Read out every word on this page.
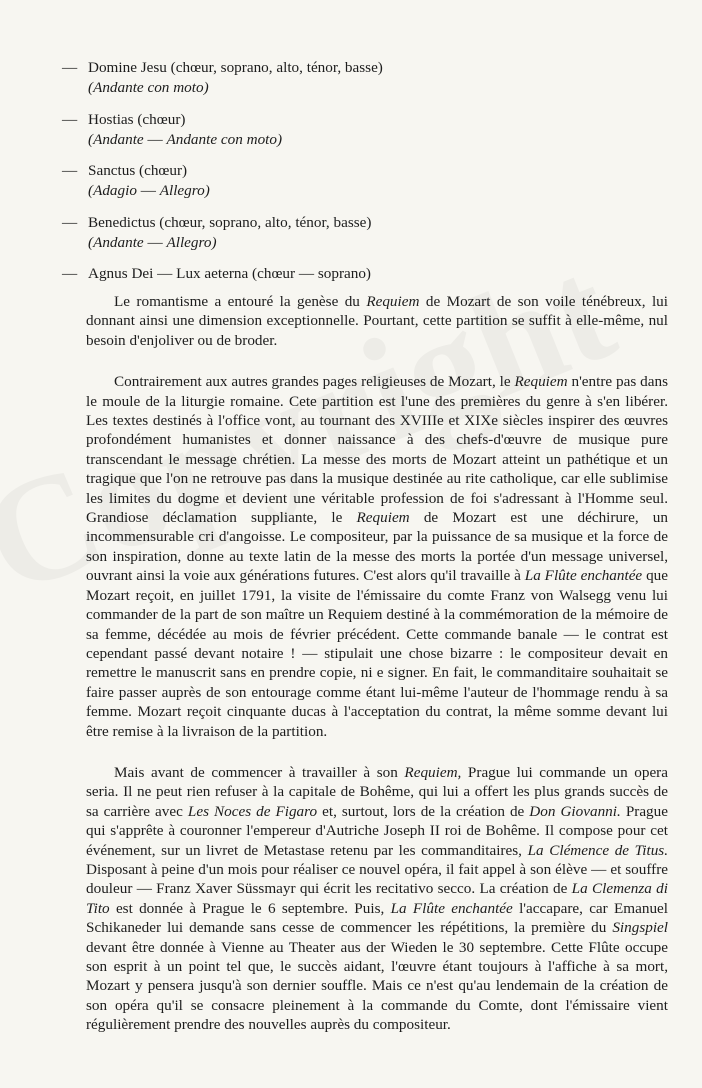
— Domine Jesu (chœur, soprano, alto, ténor, basse)
(Andante con moto)
— Hostias (chœur)
(Andante — Andante con moto)
— Sanctus (chœur)
(Adagio — Allegro)
— Benedictus (chœur, soprano, alto, ténor, basse)
(Andante — Allegro)
— Agnus Dei — Lux aeterna (chœur — soprano)

Le romantisme a entouré la genèse du Requiem de Mozart de son voile ténébreux, lui donnant ainsi une dimension exceptionnelle. Pourtant, cette partition se suffit à elle-même, nul besoin d'enjoliver ou de broder.

Contrairement aux autres grandes pages religieuses de Mozart, le Requiem n'entre pas dans le moule de la liturgie romaine. Cete partition est l'une des premières du genre à s'en libérer. Les textes destinés à l'office vont, au tournant des XVIIIe et XIXe siècles inspirer des œuvres profondément humanistes et donner naissance à des chefs-d'œuvre de musique pure transcendant le message chrétien. La messe des morts de Mozart atteint un pathétique et un tragique que l'on ne retrouve pas dans la musique destinée au rite catholique, car elle sublimise les limites du dogme et devient une véritable profession de foi s'adressant à l'Homme seul. Grandiose déclamation suppliante, le Requiem de Mozart est une déchirure, un incommensurable cri d'angoisse. Le compositeur, par la puissance de sa musique et la force de son inspiration, donne au texte latin de la messe des morts la portée d'un message universel, ouvrant ainsi la voie aux générations futures. C'est alors qu'il travaille à La Flûte enchantée que Mozart reçoit, en juillet 1791, la visite de l'émissaire du comte Franz von Walsegg venu lui commander de la part de son maître un Requiem destiné à la commémoration de la mémoire de sa femme, décédée au mois de février précédent. Cette commande banale — le contrat est cependant passé devant notaire ! — stipulait une chose bizarre : le compositeur devait en remettre le manuscrit sans en prendre copie, ni e signer. En fait, le commanditaire souhaitait se faire passer auprès de son entourage comme étant lui-même l'auteur de l'hommage rendu à sa femme. Mozart reçoit cinquante ducas à l'acceptation du contrat, la même somme devant lui être remise à la livraison de la partition.

Mais avant de commencer à travailler à son Requiem, Prague lui commande un opera seria. Il ne peut rien refuser à la capitale de Bohême, qui lui a offert les plus grands succès de sa carrière avec Les Noces de Figaro et, surtout, lors de la création de Don Giovanni. Prague qui s'apprête à couronner l'empereur d'Autriche Joseph II roi de Bohême. Il compose pour cet événement, sur un livret de Metastase retenu par les commanditaires, La Clémence de Titus. Disposant à peine d'un mois pour réaliser ce nouvel opéra, il fait appel à son élève — et souffre douleur — Franz Xaver Süssmayr qui écrit les recitativo secco. La création de La Clemenza di Tito est donnée à Prague le 6 septembre. Puis, La Flûte enchantée l'accapare, car Emanuel Schikaneder lui demande sans cesse de commencer les répétitions, la première du Singspiel devant être donnée à Vienne au Theater aus der Wieden le 30 septembre. Cette Flûte occupe son esprit à un point tel que, le succès aidant, l'œuvre étant toujours à l'affiche à sa mort, Mozart y pensera jusqu'à son dernier souffle. Mais ce n'est qu'au lendemain de la création de son opéra qu'il se consacre pleinement à la commande du Comte, dont l'émissaire vient régulièrement prendre des nouvelles auprès du compositeur.
